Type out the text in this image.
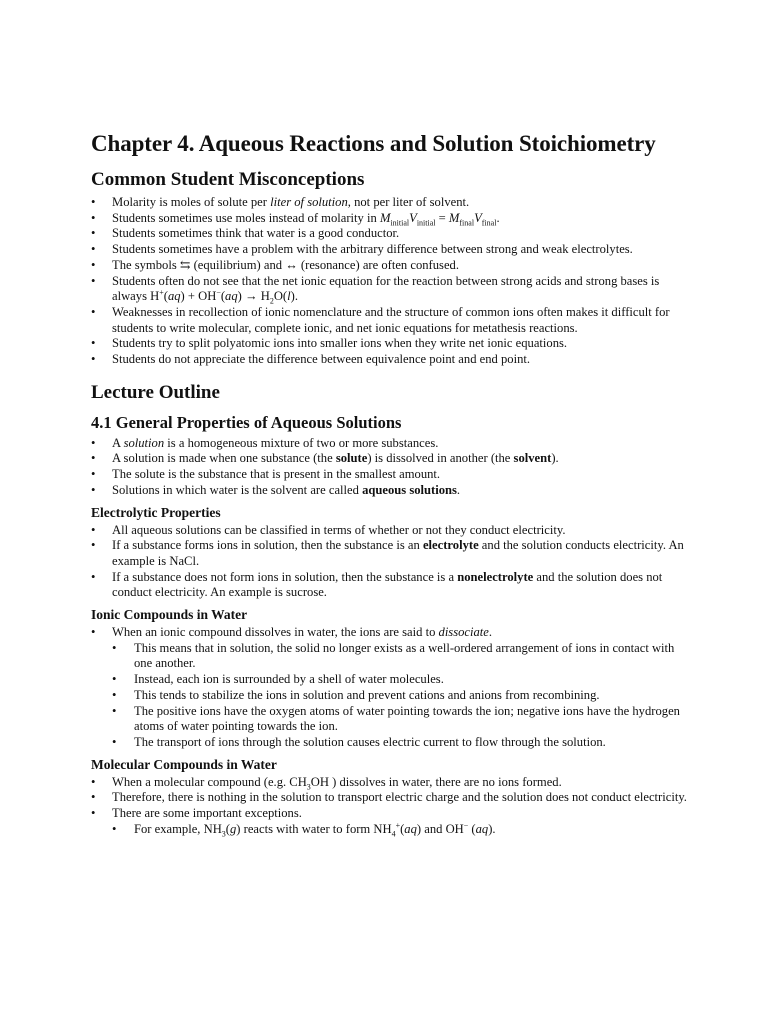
Chapter 4. Aqueous Reactions and Solution Stoichiometry
Common Student Misconceptions
• Molarity is moles of solute per liter of solution, not per liter of solvent.
• Students sometimes use moles instead of molarity in $M_{initial}V_{initial} = M_{final}V_{final}$.
• Students sometimes think that water is a good conductor.
• Students sometimes have a problem with the arbitrary difference between strong and weak electrolytes.
• The symbols ⇆ (equilibrium) and ↔ (resonance) are often confused.
• Students often do not see that the net ionic equation for the reaction between strong acids and strong bases is always $H^+(aq) + OH^-(aq) \to H_2O(l)$.
• Weaknesses in recollection of ionic nomenclature and the structure of common ions often makes it difficult for students to write molecular, complete ionic, and net ionic equations for metathesis reactions.
• Students try to split polyatomic ions into smaller ions when they write net ionic equations.
• Students do not appreciate the difference between equivalence point and end point.
Lecture Outline
4.1 General Properties of Aqueous Solutions
• A solution is a homogeneous mixture of two or more substances.
• A solution is made when one substance (the solute) is dissolved in another (the solvent).
• The solute is the substance that is present in the smallest amount.
• Solutions in which water is the solvent are called aqueous solutions.
Electrolytic Properties
• All aqueous solutions can be classified in terms of whether or not they conduct electricity.
• If a substance forms ions in solution, then the substance is an electrolyte and the solution conducts electricity. An example is NaCl.
• If a substance does not form ions in solution, then the substance is a nonelectrolyte and the solution does not conduct electricity. An example is sucrose.
Ionic Compounds in Water
• When an ionic compound dissolves in water, the ions are said to dissociate.
• This means that in solution, the solid no longer exists as a well-ordered arrangement of ions in contact with one another.
• Instead, each ion is surrounded by a shell of water molecules.
• This tends to stabilize the ions in solution and prevent cations and anions from recombining.
• The positive ions have the oxygen atoms of water pointing towards the ion; negative ions have the hydrogen atoms of water pointing towards the ion.
• The transport of ions through the solution causes electric current to flow through the solution.
Molecular Compounds in Water
• When a molecular compound (e.g. $CH_3OH$ ) dissolves in water, there are no ions formed.
• Therefore, there is nothing in the solution to transport electric charge and the solution does not conduct electricity.
• There are some important exceptions.
• For example, $NH_3(g)$ reacts with water to form $NH_4^+(aq)$ and OH− (aq).
